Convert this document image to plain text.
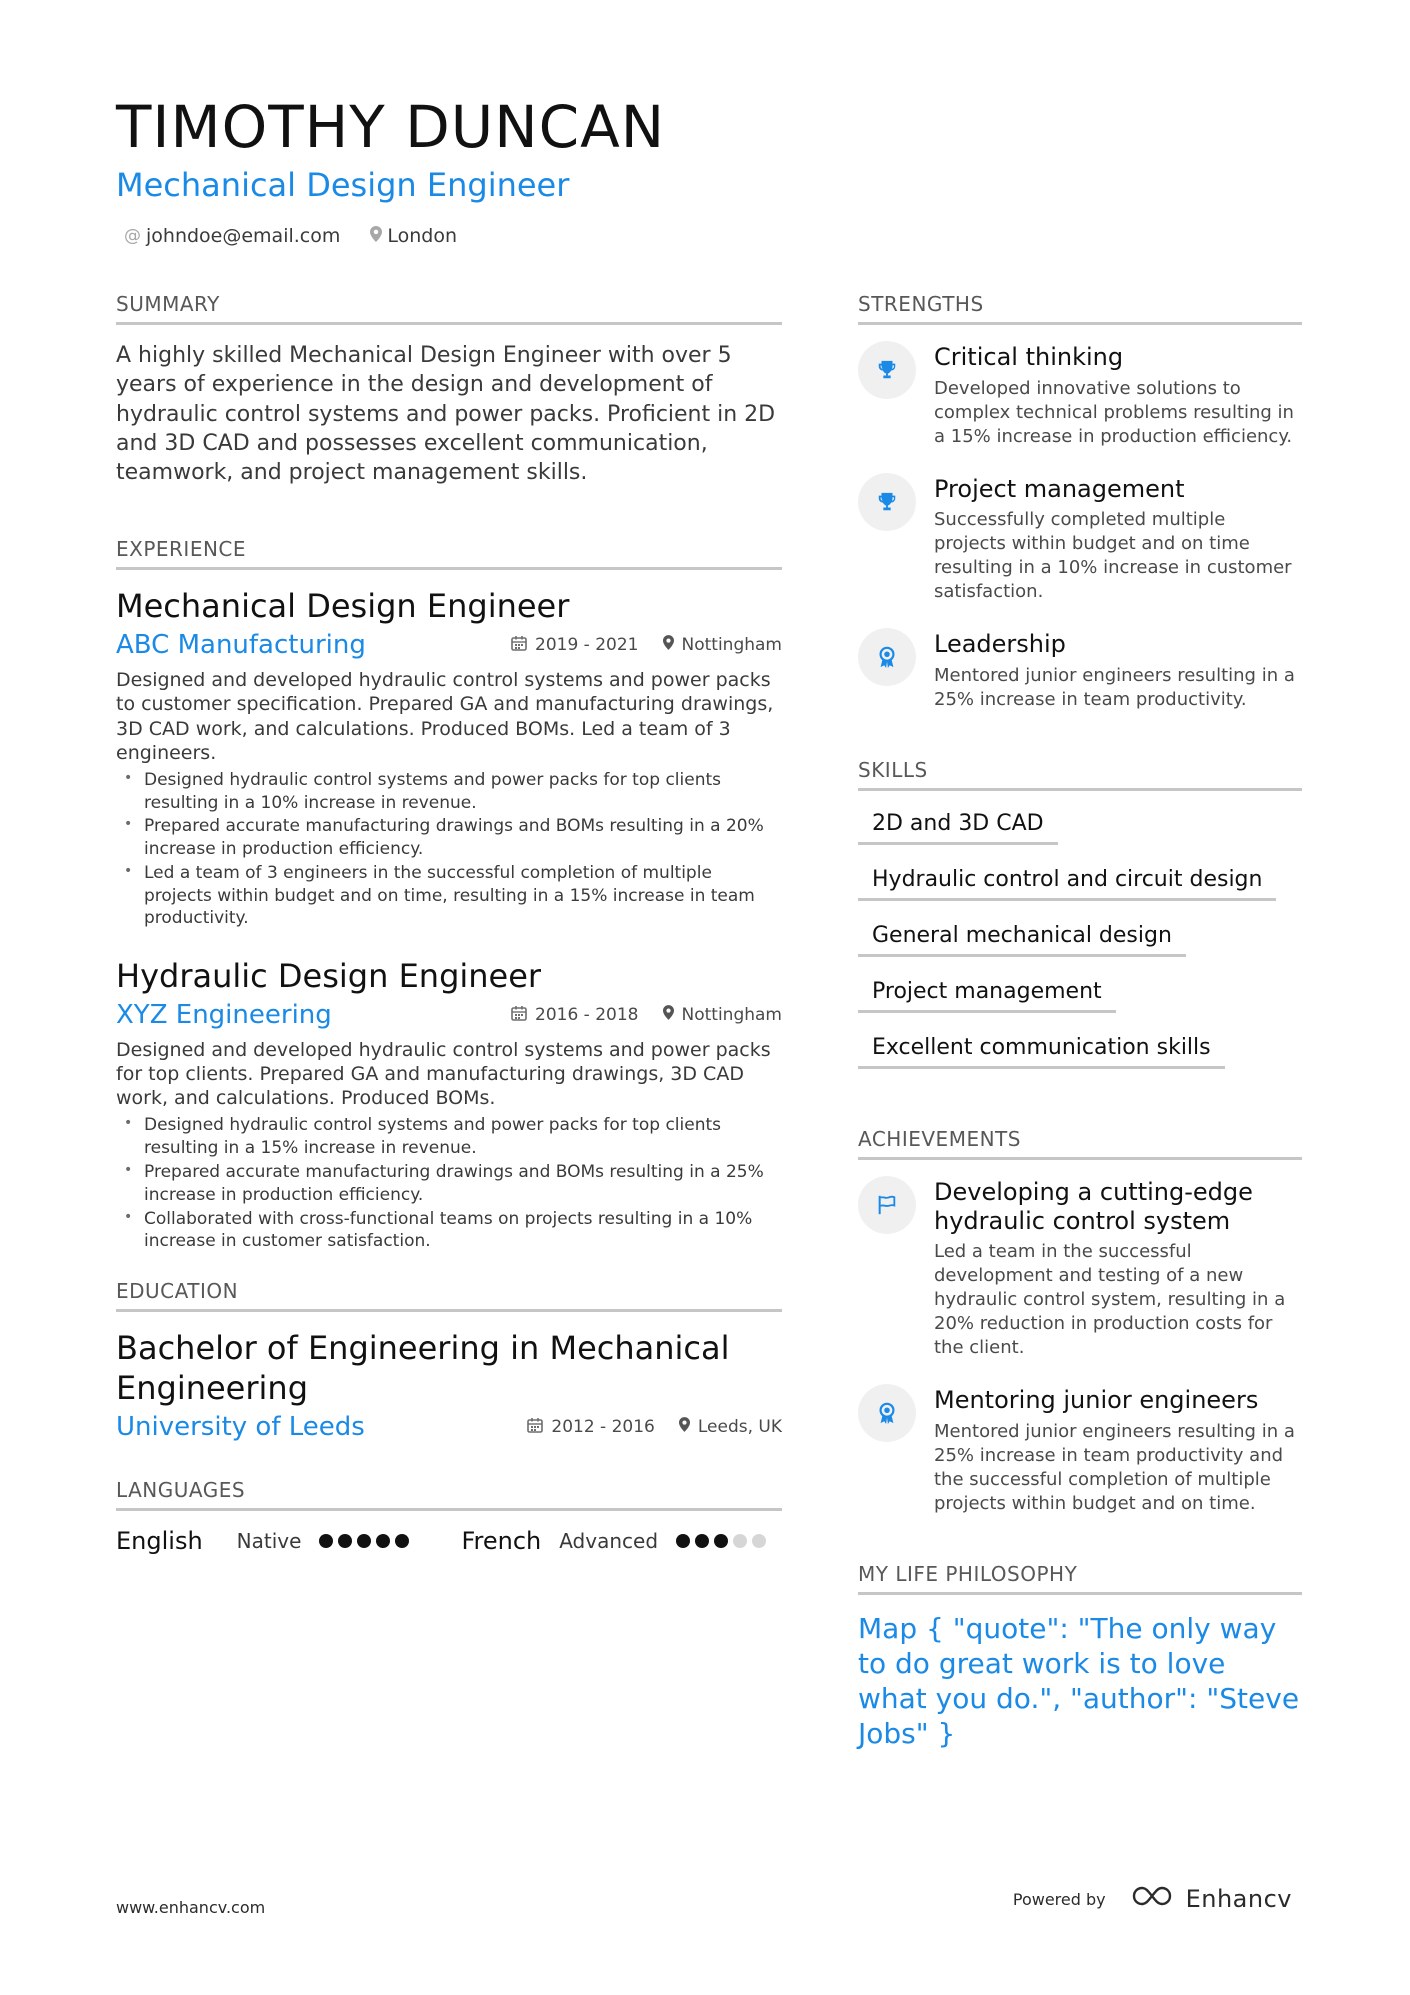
TIMOTHY DUNCAN
Mechanical Design Engineer
@ johndoe@email.com London
SUMMARY
A highly skilled Mechanical Design Engineer with over 5 years of experience in the design and development of hydraulic control systems and power packs. Proficient in 2D and 3D CAD and possesses excellent communication, teamwork, and project management skills.
EXPERIENCE
Mechanical Design Engineer
ABC Manufacturing	2019 - 2021	Nottingham
Designed and developed hydraulic control systems and power packs to customer specification. Prepared GA and manufacturing drawings, 3D CAD work, and calculations. Produced BOMs. Led a team of 3 engineers.
• Designed hydraulic control systems and power packs for top clients resulting in a 10% increase in revenue.
• Prepared accurate manufacturing drawings and BOMs resulting in a 20% increase in production efficiency.
• Led a team of 3 engineers in the successful completion of multiple projects within budget and on time, resulting in a 15% increase in team productivity.
Hydraulic Design Engineer
XYZ Engineering	2016 - 2018	Nottingham
Designed and developed hydraulic control systems and power packs for top clients. Prepared GA and manufacturing drawings, 3D CAD work, and calculations. Produced BOMs.
• Designed hydraulic control systems and power packs for top clients resulting in a 15% increase in revenue.
• Prepared accurate manufacturing drawings and BOMs resulting in a 25% increase in production efficiency.
• Collaborated with cross-functional teams on projects resulting in a 10% increase in customer satisfaction.
EDUCATION
Bachelor of Engineering in Mechanical Engineering
University of Leeds	2012 - 2016	Leeds, UK
LANGUAGES
English Native	French Advanced
STRENGTHS
Critical thinking
Developed innovative solutions to complex technical problems resulting in a 15% increase in production efficiency.
Project management
Successfully completed multiple projects within budget and on time resulting in a 10% increase in customer satisfaction.
Leadership
Mentored junior engineers resulting in a 25% increase in team productivity.
SKILLS
2D and 3D CAD
Hydraulic control and circuit design
General mechanical design
Project management
Excellent communication skills
ACHIEVEMENTS
Developing a cutting-edge hydraulic control system
Led a team in the successful development and testing of a new hydraulic control system, resulting in a 20% reduction in production costs for the client.
Mentoring junior engineers
Mentored junior engineers resulting in a 25% increase in team productivity and the successful completion of multiple projects within budget and on time.
MY LIFE PHILOSOPHY
Map { "quote": "The only way to do great work is to love what you do.", "author": "Steve Jobs" }
www.enhancv.com	Powered by	Enhancv
